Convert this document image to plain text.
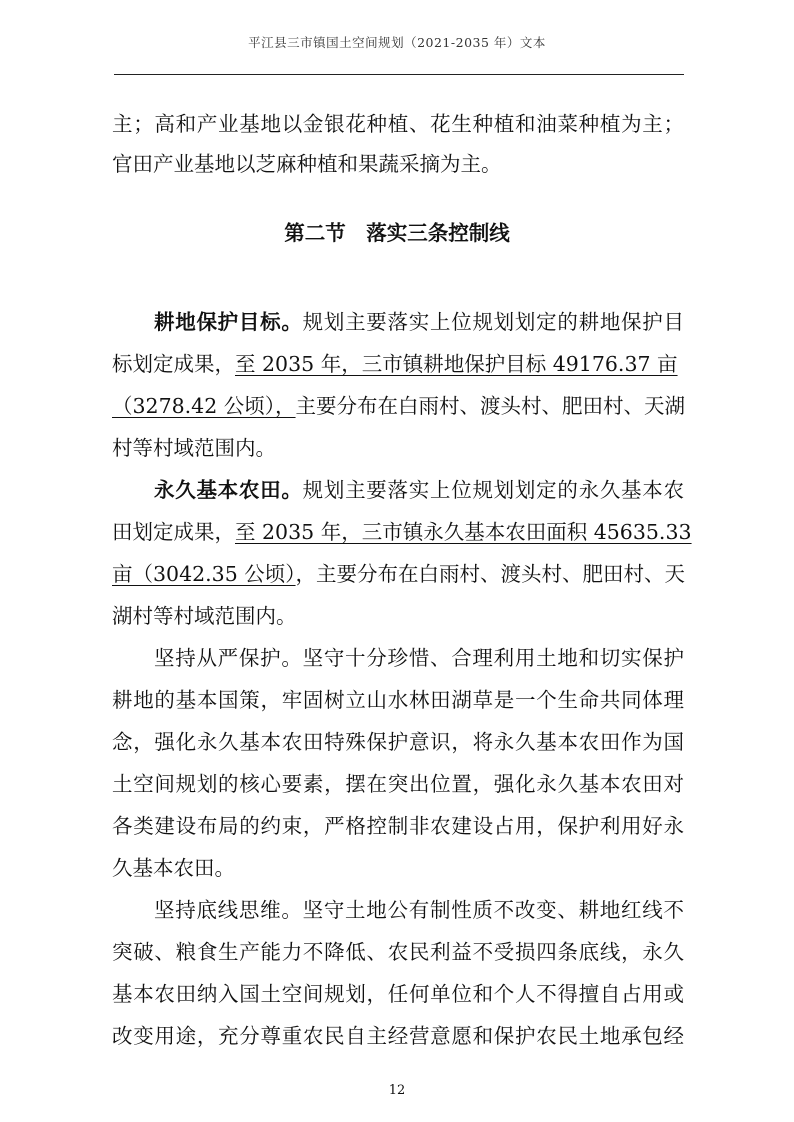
平江县三市镇国土空间规划（2021-2035 年）文本
第二节　落实三条控制线
主；高和产业基地以金银花种植、花生种植和油菜种植为主；
官田产业基地以芝麻种植和果蔬采摘为主。
耕地保护目标。规划主要落实上位规划划定的耕地保护目
标划定成果，至 2035 年，三市镇耕地保护目标 49176.37 亩
（3278.42 公顷），主要分布在白雨村、渡头村、肥田村、天湖
村等村域范围内。
永久基本农田。规划主要落实上位规划划定的永久基本农
田划定成果，至 2035 年，三市镇永久基本农田面积 45635.33
亩（3042.35 公顷），主要分布在白雨村、渡头村、肥田村、天
湖村等村域范围内。
坚持从严保护。坚守十分珍惜、合理利用土地和切实保护
耕地的基本国策，牢固树立山水林田湖草是一个生命共同体理
念，强化永久基本农田特殊保护意识，将永久基本农田作为国
土空间规划的核心要素，摆在突出位置，强化永久基本农田对
各类建设布局的约束，严格控制非农建设占用，保护利用好永
久基本农田。
坚持底线思维。坚守土地公有制性质不改变、耕地红线不
突破、粮食生产能力不降低、农民利益不受损四条底线，永久
基本农田纳入国土空间规划，任何单位和个人不得擅自占用或
改变用途，充分尊重农民自主经营意愿和保护农民土地承包经
12
